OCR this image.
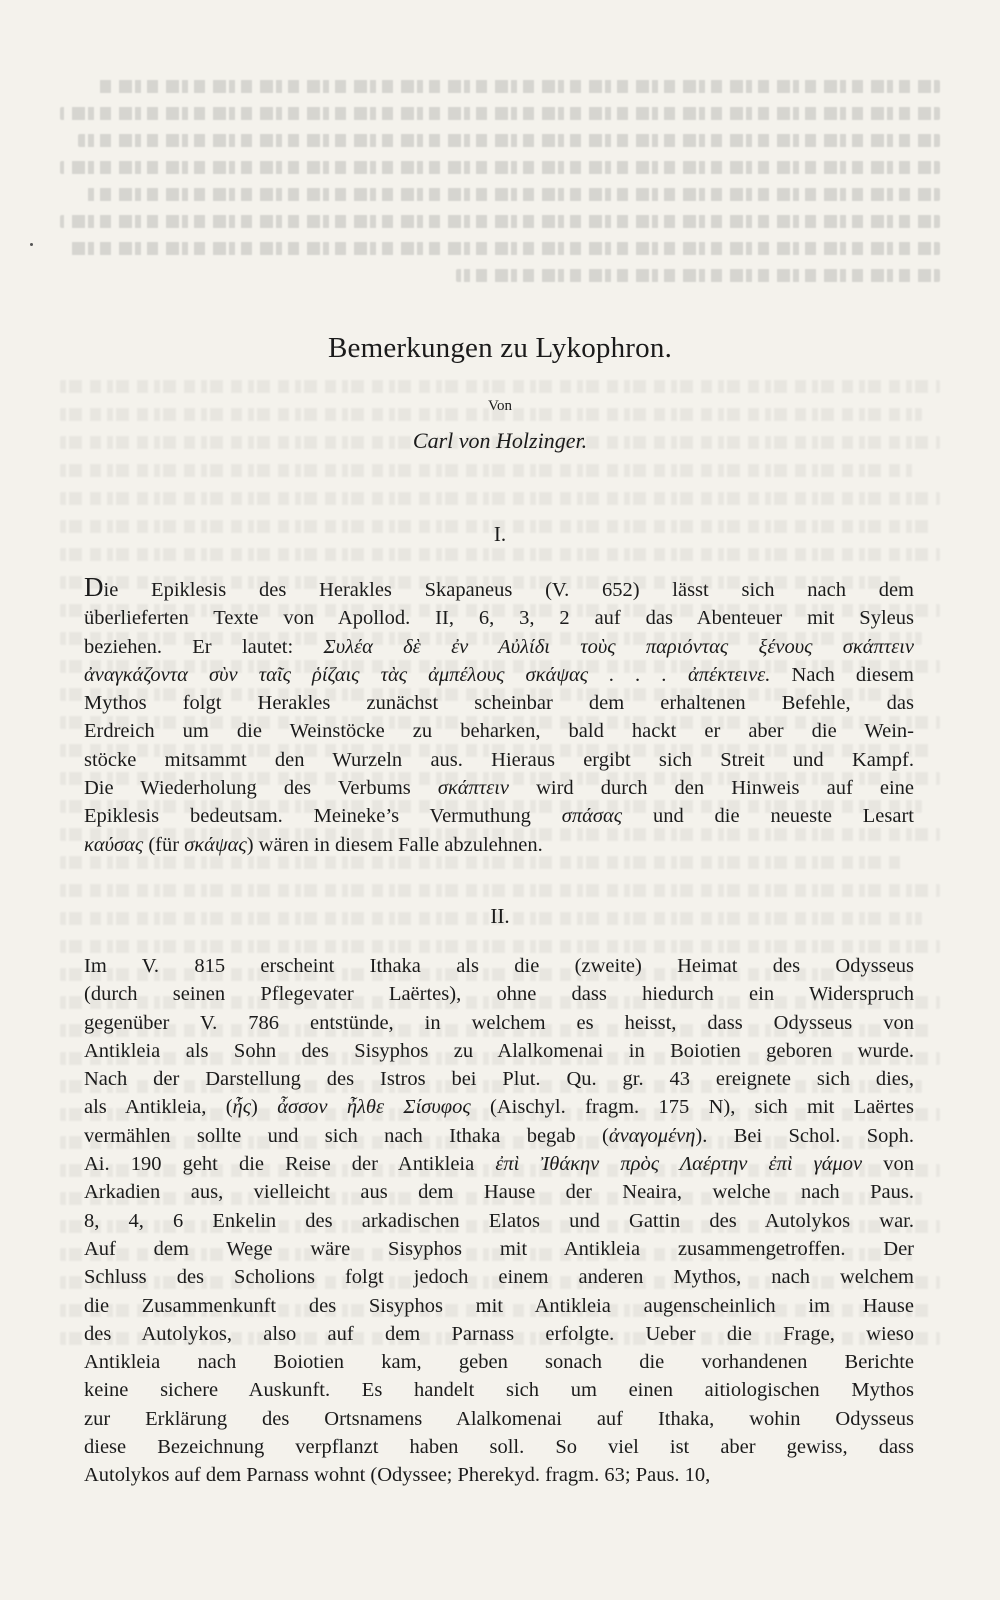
Bemerkungen zu Lykophron.
Von
Carl von Holzinger.
I.
Die Epiklesis des Herakles Skapaneus (V. 652) lässt sich nach dem
überlieferten Texte von Apollod. II, 6, 3, 2 auf das Abenteuer mit Syleus
beziehen. Er lautet: Συλέα δὲ ἐν Αὐλίδι τοὺς παριόντας ξένους σκάπτειν
ἀναγκάζοντα σὺν ταῖς ῥίζαις τὰς ἀμπέλους σκάψας . . . ἀπέκτεινε. Nach diesem
Mythos folgt Herakles zunächst scheinbar dem erhaltenen Befehle, das
Erdreich um die Weinstöcke zu beharken, bald hackt er aber die Wein-
stöcke mitsammt den Wurzeln aus. Hieraus ergibt sich Streit und Kampf.
Die Wiederholung des Verbums σκάπτειν wird durch den Hinweis auf eine
Epiklesis bedeutsam. Meineke’s Vermuthung σπάσας und die neueste Lesart
καύσας (für σκάψας) wären in diesem Falle abzulehnen.
II.
Im V. 815 erscheint Ithaka als die (zweite) Heimat des Odysseus
(durch seinen Pflegevater Laërtes), ohne dass hiedurch ein Widerspruch
gegenüber V. 786 entstünde, in welchem es heisst, dass Odysseus von
Antikleia als Sohn des Sisyphos zu Alalkomenai in Boiotien geboren wurde.
Nach der Darstellung des Istros bei Plut. Qu. gr. 43 ereignete sich dies,
als Antikleia, (ἧς) ἆσσον ἦλθε Σίσυφος (Aischyl. fragm. 175 N), sich mit Laërtes
vermählen sollte und sich nach Ithaka begab (ἀναγομένη). Bei Schol. Soph.
Ai. 190 geht die Reise der Antikleia ἐπὶ Ἰθάκην πρὸς Λαέρτην ἐπὶ γάμον von
Arkadien aus, vielleicht aus dem Hause der Neaira, welche nach Paus.
8, 4, 6 Enkelin des arkadischen Elatos und Gattin des Autolykos war.
Auf dem Wege wäre Sisyphos mit Antikleia zusammengetroffen. Der
Schluss des Scholions folgt jedoch einem anderen Mythos, nach welchem
die Zusammenkunft des Sisyphos mit Antikleia augenscheinlich im Hause
des Autolykos, also auf dem Parnass erfolgte. Ueber die Frage, wieso
Antikleia nach Boiotien kam, geben sonach die vorhandenen Berichte
keine sichere Auskunft. Es handelt sich um einen aitiologischen Mythos
zur Erklärung des Ortsnamens Alalkomenai auf Ithaka, wohin Odysseus
diese Bezeichnung verpflanzt haben soll. So viel ist aber gewiss, dass
Autolykos auf dem Parnass wohnt (Odyssee; Pherekyd. fragm. 63; Paus. 10,
